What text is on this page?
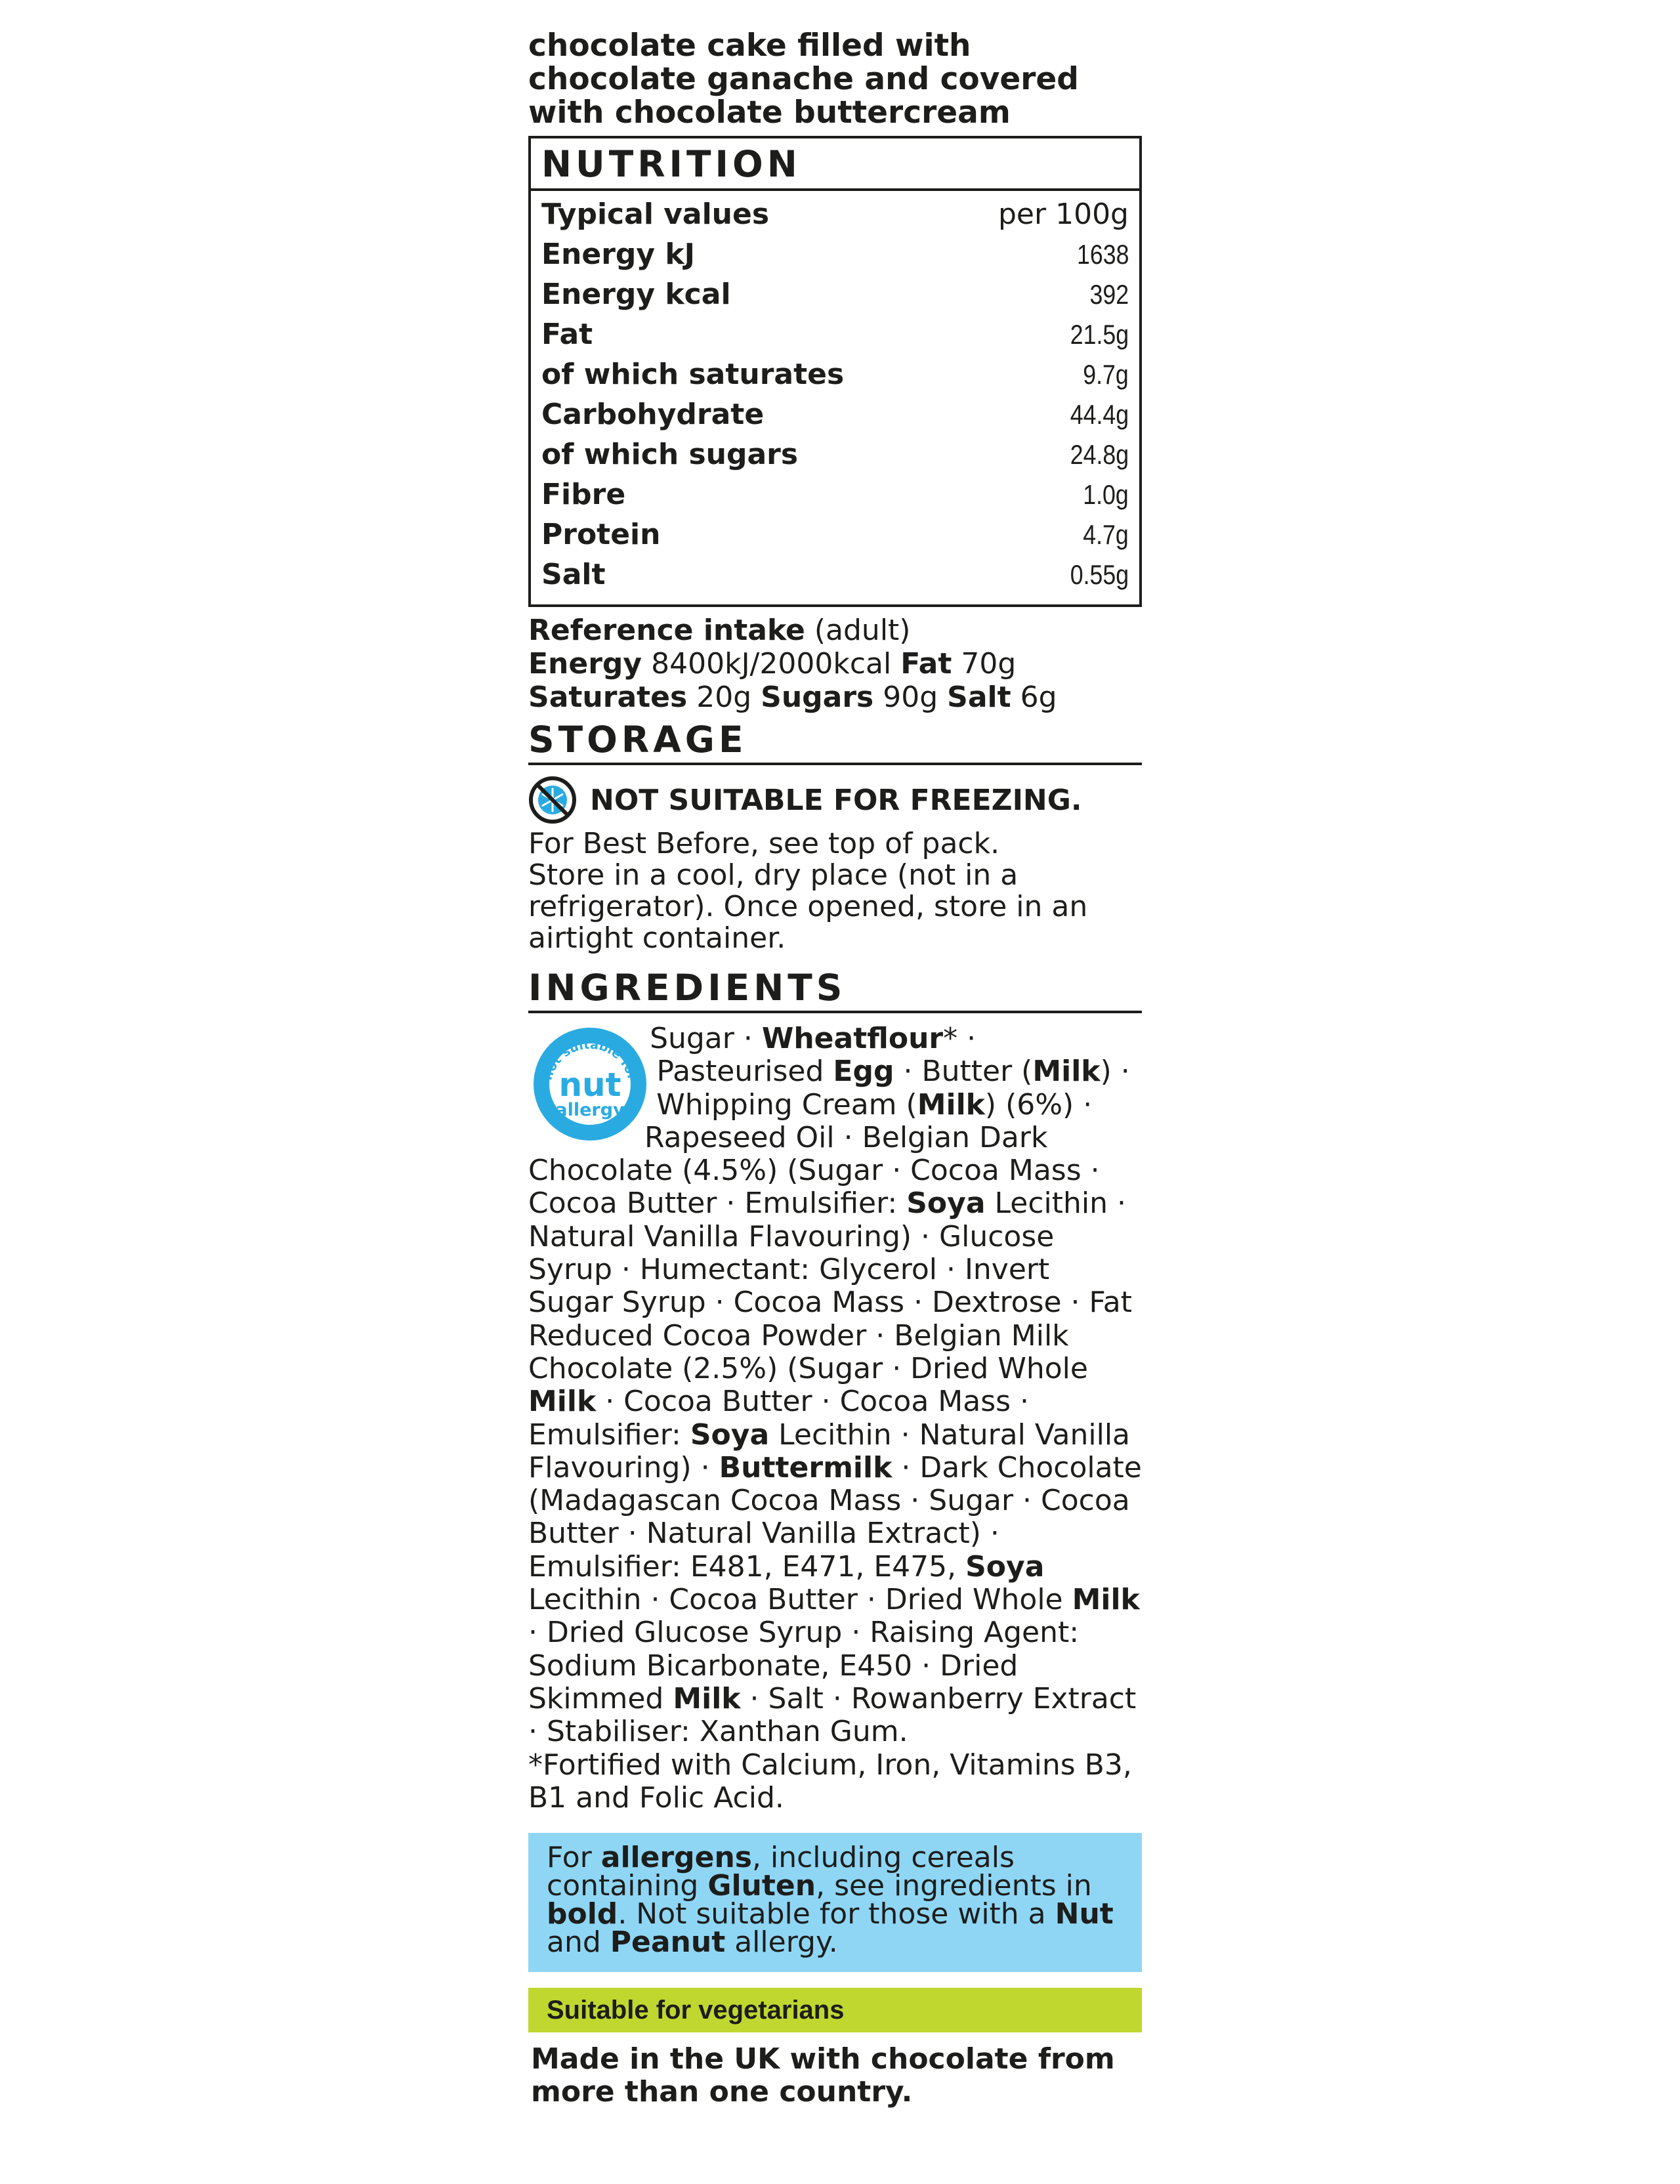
chocolate cake filled with chocolate ganache and covered with chocolate buttercream
NUTRITION
Typical values	per 100g
Energy kJ	1638
Energy kcal	392
Fat	21.5g
of which saturates	9.7g
Carbohydrate	44.4g
of which sugars	24.8g
Fibre	1.0g
Protein	4.7g
Salt	0.55g
Reference intake (adult)
Energy 8400kJ/2000kcal Fat 70g
Saturates 20g Sugars 90g Salt 6g
STORAGE
NOT SUITABLE FOR FREEZING.
For Best Before, see top of pack.
Store in a cool, dry place (not in a refrigerator). Once opened, store in an airtight container.
INGREDIENTS
not suitable for
nut
allergy
Sugar · Wheatflour* · Pasteurised Egg · Butter (Milk) · Whipping Cream (Milk) (6%) · Rapeseed Oil · Belgian Dark Chocolate (4.5%) (Sugar · Cocoa Mass · Cocoa Butter · Emulsifier: Soya Lecithin · Natural Vanilla Flavouring) · Glucose Syrup · Humectant: Glycerol · Invert Sugar Syrup · Cocoa Mass · Dextrose · Fat Reduced Cocoa Powder · Belgian Milk Chocolate (2.5%) (Sugar · Dried Whole Milk · Cocoa Butter · Cocoa Mass · Emulsifier: Soya Lecithin · Natural Vanilla Flavouring) · Buttermilk · Dark Chocolate (Madagascan Cocoa Mass · Sugar · Cocoa Butter · Natural Vanilla Extract) · Emulsifier: E481, E471, E475, Soya Lecithin · Cocoa Butter · Dried Whole Milk · Dried Glucose Syrup · Raising Agent: Sodium Bicarbonate, E450 · Dried Skimmed Milk · Salt · Rowanberry Extract · Stabiliser: Xanthan Gum.
*Fortified with Calcium, Iron, Vitamins B3, B1 and Folic Acid.
For allergens, including cereals containing Gluten, see ingredients in bold. Not suitable for those with a Nut and Peanut allergy.
Suitable for vegetarians
Made in the UK with chocolate from more than one country.
